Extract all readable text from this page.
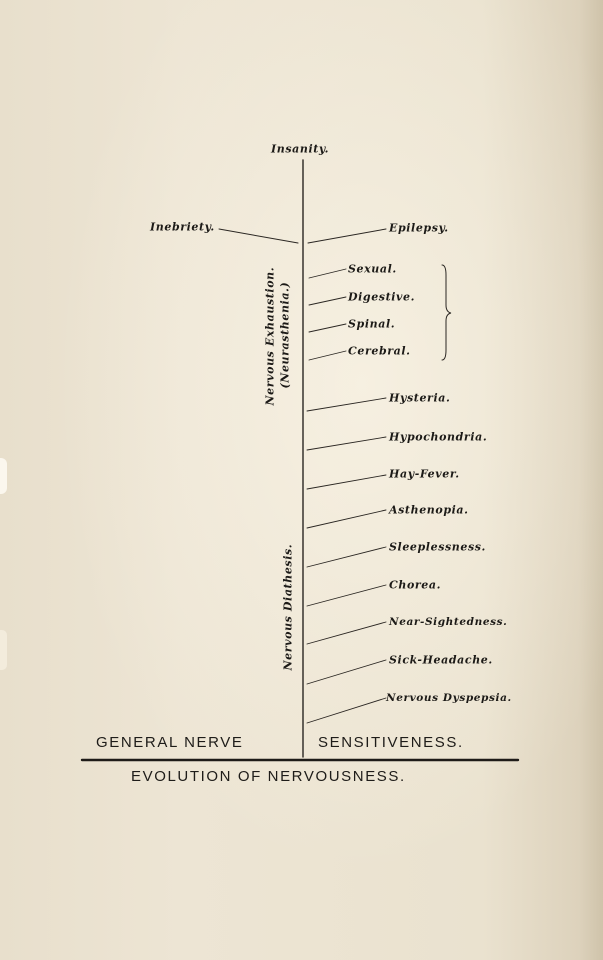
Insanity.
Inebriety.	Epilepsy.
Sexual.
Digestive.
Spinal.
Cerebral.
Hysteria.
Hypochondria.
Hay-Fever.
Asthenopia.
Sleeplessness.
Chorea.
Near-Sightedness.
Sick-Headache.
Nervous Dyspepsia.
Nervous Exhaustion. (Neurasthenia.)
Nervous Diathesis.
GENERAL NERVE	SENSITIVENESS.
EVOLUTION OF NERVOUSNESS.
